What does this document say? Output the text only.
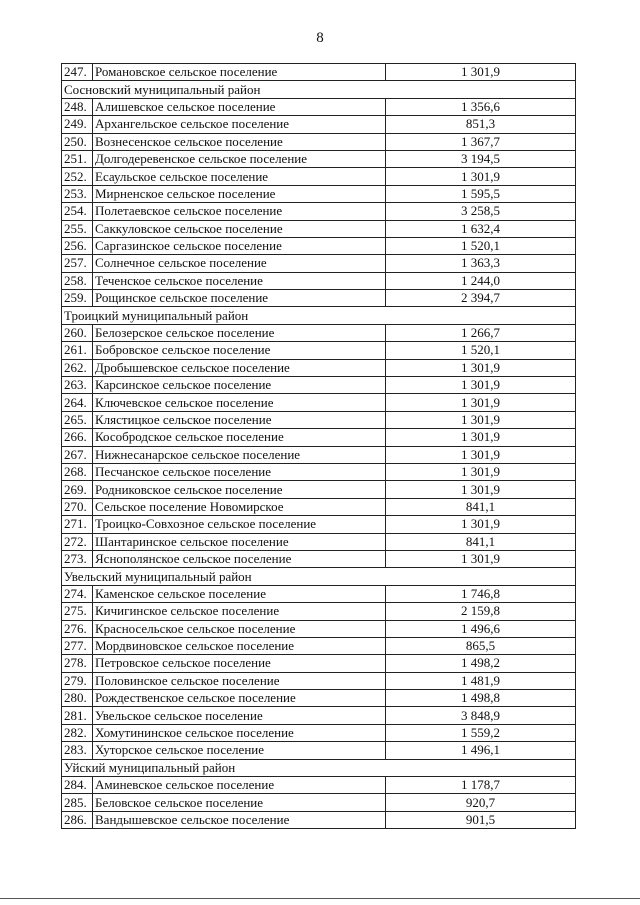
8
247.	Романовское сельское поселение	1 301,9
Сосновский муниципальный район		
248.	Алишевское сельское поселение	1 356,6
249.	Архангельское сельское поселение	851,3
250.	Вознесенское сельское поселение	1 367,7
251.	Долгодеревенское сельское поселение	3 194,5
252.	Есаульское сельское поселение	1 301,9
253.	Мирненское сельское поселение	1 595,5
254.	Полетаевское сельское поселение	3 258,5
255.	Саккуловское сельское поселение	1 632,4
256.	Саргазинское сельское поселение	1 520,1
257.	Солнечное сельское поселение	1 363,3
258.	Теченское сельское поселение	1 244,0
259.	Рощинское сельское поселение	2 394,7
Троицкий муниципальный район		
260.	Белозерское сельское поселение	1 266,7
261.	Бобровское сельское поселение	1 520,1
262.	Дробышевское сельское поселение	1 301,9
263.	Карсинское сельское поселение	1 301,9
264.	Ключевское сельское поселение	1 301,9
265.	Клястицкое сельское поселение	1 301,9
266.	Кособродское сельское поселение	1 301,9
267.	Нижнесанарское сельское поселение	1 301,9
268.	Песчанское сельское поселение	1 301,9
269.	Родниковское сельское поселение	1 301,9
270.	Сельское поселение Новомирское	841,1
271.	Троицко-Совхозное сельское поселение	1 301,9
272.	Шантаринское сельское поселение	841,1
273.	Яснополянское сельское поселение	1 301,9
Увельский муниципальный район		
274.	Каменское сельское поселение	1 746,8
275.	Кичигинское сельское поселение	2 159,8
276.	Красносельское сельское поселение	1 496,6
277.	Мордвиновское сельское поселение	865,5
278.	Петровское сельское поселение	1 498,2
279.	Половинское сельское поселение	1 481,9
280.	Рождественское сельское поселение	1 498,8
281.	Увельское сельское поселение	3 848,9
282.	Хомутининское сельское поселение	1 559,2
283.	Хуторское сельское поселение	1 496,1
Уйский муниципальный район		
284.	Аминевское сельское поселение	1 178,7
285.	Беловское сельское поселение	920,7
286.	Вандышевское сельское поселение	901,5
